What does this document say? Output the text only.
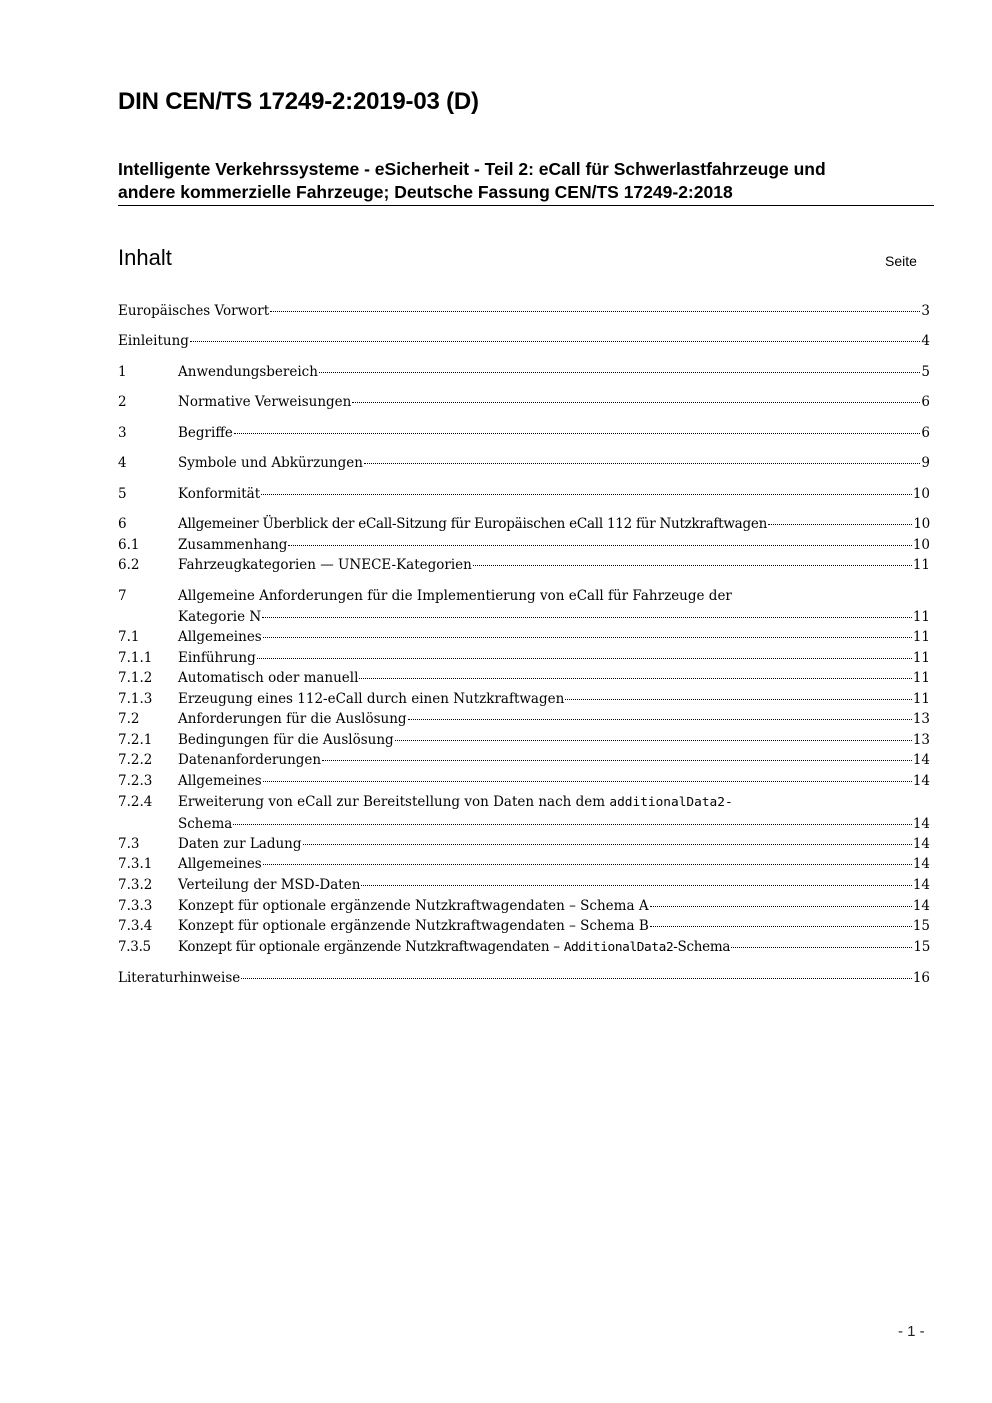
DIN CEN/TS 17249-2:2019-03 (D)
Intelligente Verkehrssysteme - eSicherheit - Teil 2: eCall für Schwerlastfahrzeuge und
andere kommerzielle Fahrzeuge; Deutsche Fassung CEN/TS 17249-2:2018
Inhalt	Seite
Europäisches Vorwort	3
Einleitung	4
1	Anwendungsbereich	5
2	Normative Verweisungen	6
3	Begriffe	6
4	Symbole und Abkürzungen	9
5	Konformität	10
6	Allgemeiner Überblick der eCall-Sitzung für Europäischen eCall 112 für Nutzkraftwagen	10
6.1	Zusammenhang	10
6.2	Fahrzeugkategorien — UNECE-Kategorien	11
7	Allgemeine Anforderungen für die Implementierung von eCall für Fahrzeuge der
Kategorie N	11
7.1	Allgemeines	11
7.1.1	Einführung	11
7.1.2	Automatisch oder manuell	11
7.1.3	Erzeugung eines 112-eCall durch einen Nutzkraftwagen	11
7.2	Anforderungen für die Auslösung	13
7.2.1	Bedingungen für die Auslösung	13
7.2.2	Datenanforderungen	14
7.2.3	Allgemeines	14
7.2.4	Erweiterung von eCall zur Bereitstellung von Daten nach dem
additionalData2-
Schema	14
7.3	Daten zur Ladung	14
7.3.1	Allgemeines	14
7.3.2	Verteilung der MSD-Daten	14
7.3.3	Konzept für optionale ergänzende Nutzkraftwagendaten – Schema A	14
7.3.4	Konzept für optionale ergänzende Nutzkraftwagendaten – Schema B	15
7.3.5	Konzept für optionale ergänzende Nutzkraftwagendaten –
AdditionalData2 -Schema	15
Literaturhinweise	16
- 1 -
